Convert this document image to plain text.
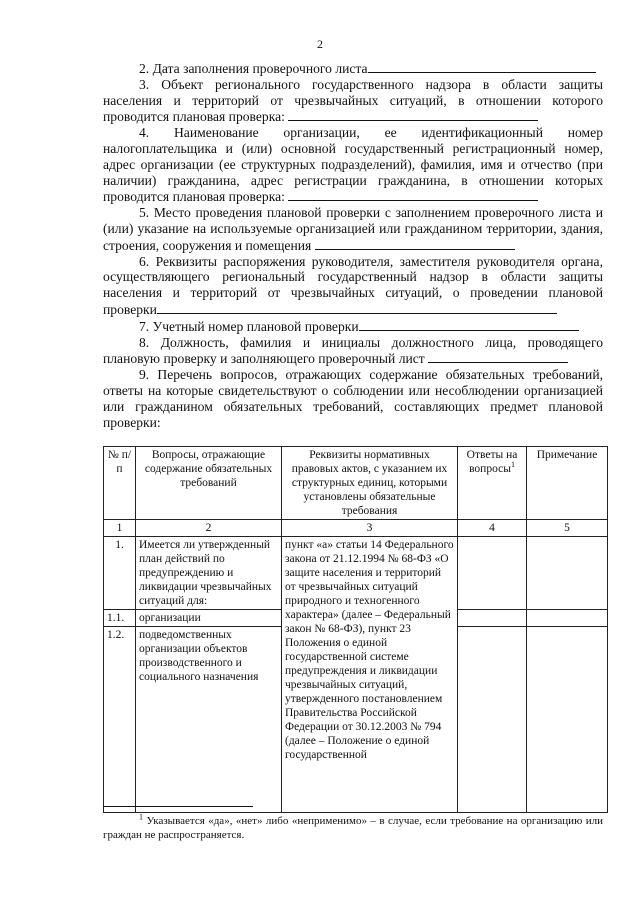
2

2. Дата заполнения проверочного листа

3. Объект регионального государственного надзора в области защиты населения и территорий от чрезвычайных ситуаций, в отношении которого проводится плановая проверка:

4. Наименование организации, ее идентификационный номер налогоплательщика и (или) основной государственный регистрационный номер, адрес организации (ее структурных подразделений), фамилия, имя и отчество (при наличии) гражданина, адрес регистрации гражданина, в отношении которых проводится плановая проверка:

5. Место проведения плановой проверки с заполнением проверочного листа и (или) указание на используемые организацией или гражданином территории, здания, строения, сооружения и помещения

6. Реквизиты распоряжения руководителя, заместителя руководителя органа, осуществляющего региональный государственный надзор в области защиты населения и территорий от чрезвычайных ситуаций, о проведении плановой проверки

7. Учетный номер плановой проверки

8. Должность, фамилия и инициалы должностного лица, проводящего плановую проверку и заполняющего проверочный лист

9. Перечень вопросов, отражающих содержание обязательных требований, ответы на которые свидетельствуют о соблюдении или несоблюдении организацией или гражданином обязательных требований, составляющих предмет плановой проверки:

№ п/п	Вопросы, отражающие содержание обязательных требований	Реквизиты нормативных правовых актов, с указанием их структурных единиц, которыми установлены обязательные требования	Ответы на вопросы$^1$	Примечание
1	2	3	4	5
1.	Имеется ли утвержденный план действий по предупреждению и ликвидации чрезвычайных ситуаций для:	пункт «а» статьи 14 Федерального закона от 21.12.1994 № 68-ФЗ «О защите населения и территорий от чрезвычайных ситуаций природного и техногенного характера» (далее – Федеральный закон № 68-ФЗ), пункт 23 Положения о единой государственной системе предупреждения и ликвидации чрезвычайных ситуаций, утвержденного постановлением Правительства Российской Федерации от 30.12.2003 № 794 (далее – Положение о единой государственной		
1.1.	организации			
1.2.	подведомственных организации объектов производственного и социального назначения			
$^1$ Указывается «да», «нет» либо «неприменимо» – в случае, если требование на организацию или граждан не распространяется.
